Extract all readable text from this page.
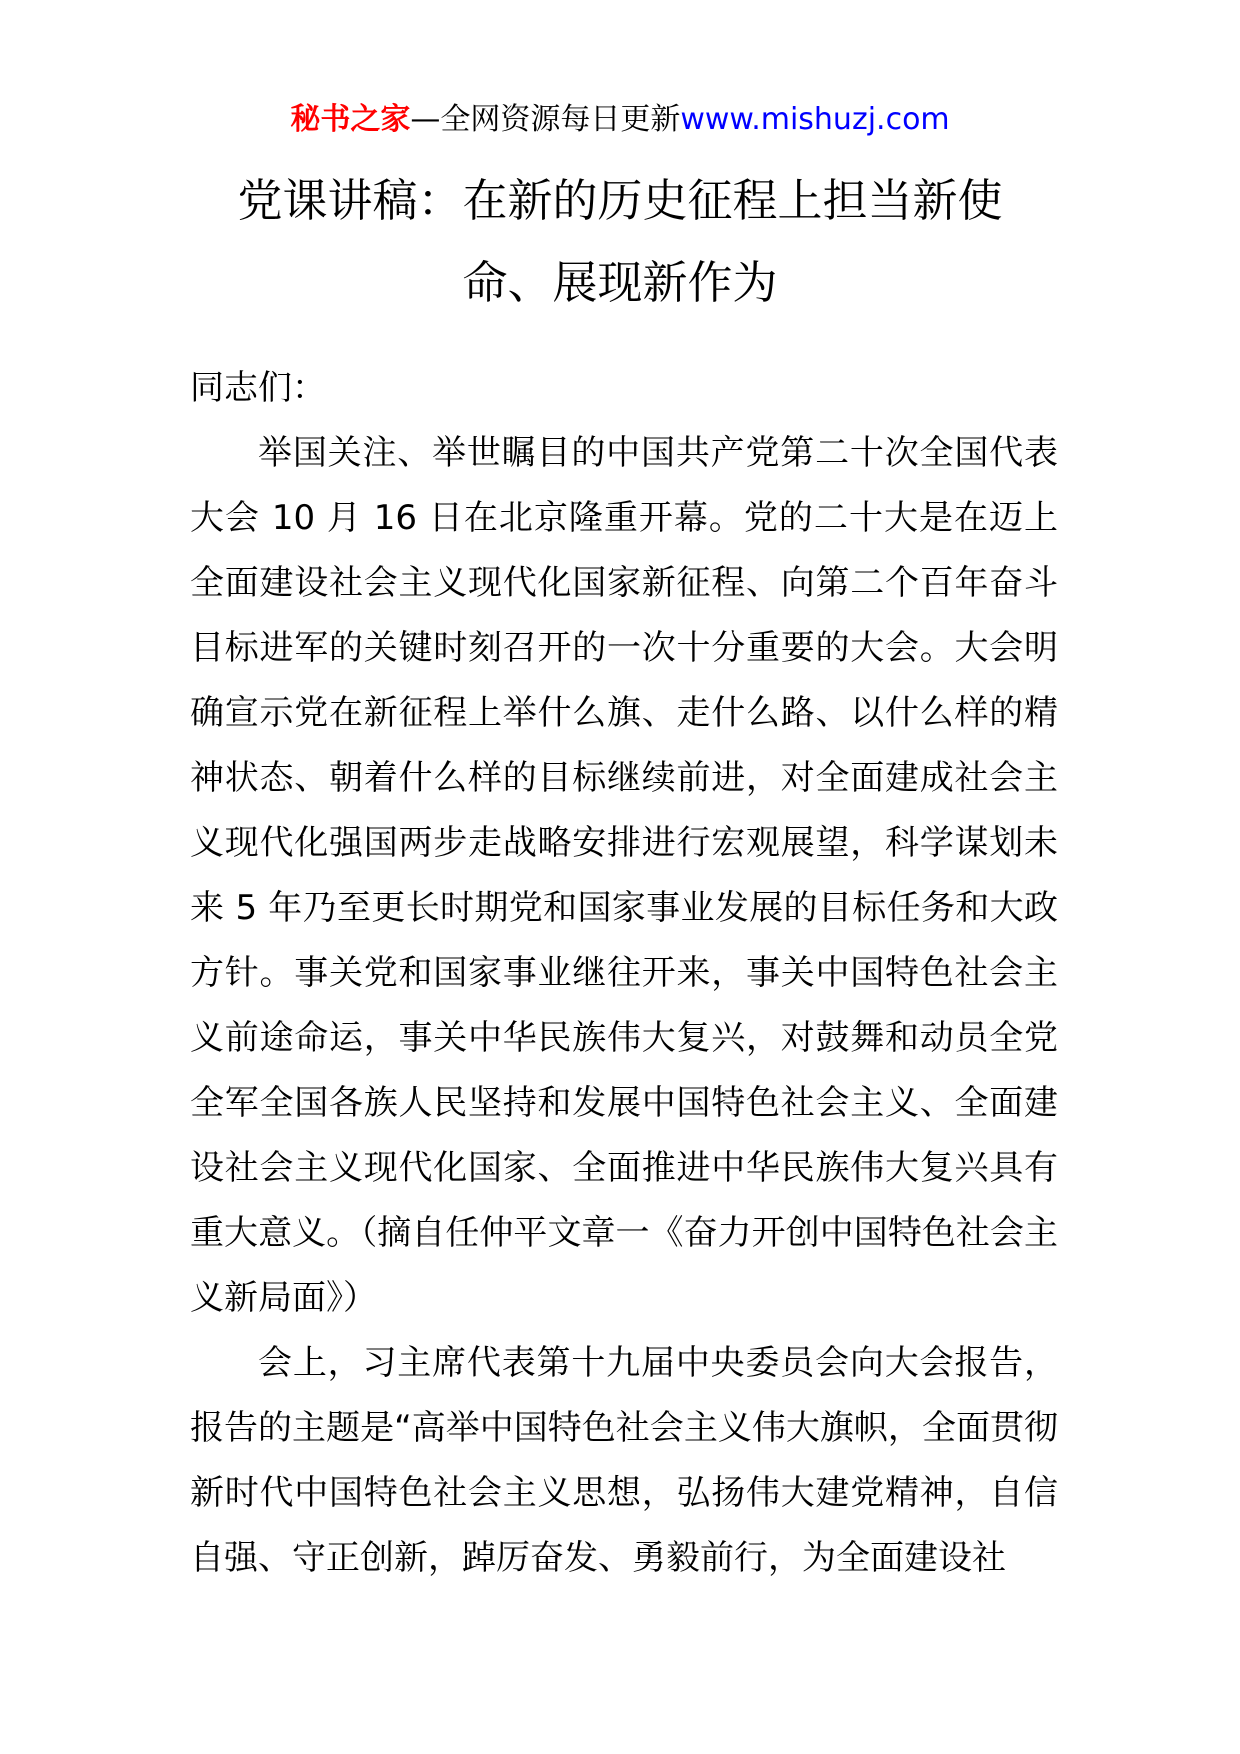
秘书之家—全网资源每日更新www.mishuzj.com
党课讲稿：在新的历史征程上担当新使
命、展现新作为

同志们：

举国关注、举世瞩目的中国共产党第二十次全国代表大会 10 月 16 日在北京隆重开幕。党的二十大是在迈上全面建设社会主义现代化国家新征程、向第二个百年奋斗目标进军的关键时刻召开的一次十分重要的大会。大会明确宣示党在新征程上举什么旗、走什么路、以什么样的精神状态、朝着什么样的目标继续前进，对全面建成社会主义现代化强国两步走战略安排进行宏观展望，科学谋划未来 5 年乃至更长时期党和国家事业发展的目标任务和大政方针。事关党和国家事业继往开来，事关中国特色社会主义前途命运，事关中华民族伟大复兴，对鼓舞和动员全党全军全国各族人民坚持和发展中国特色社会主义、全面建设社会主义现代化国家、全面推进中华民族伟大复兴具有重大意义。（摘自任仲平文章一《奋力开创中国特色社会主义新局面》）

会上，习主席代表第十九届中央委员会向大会报告，报告的主题是“高举中国特色社会主义伟大旗帜，全面贯彻新时代中国特色社会主义思想，弘扬伟大建党精神，自信自强、守正创新，踔厉奋发、勇毅前行，为全面建设社
